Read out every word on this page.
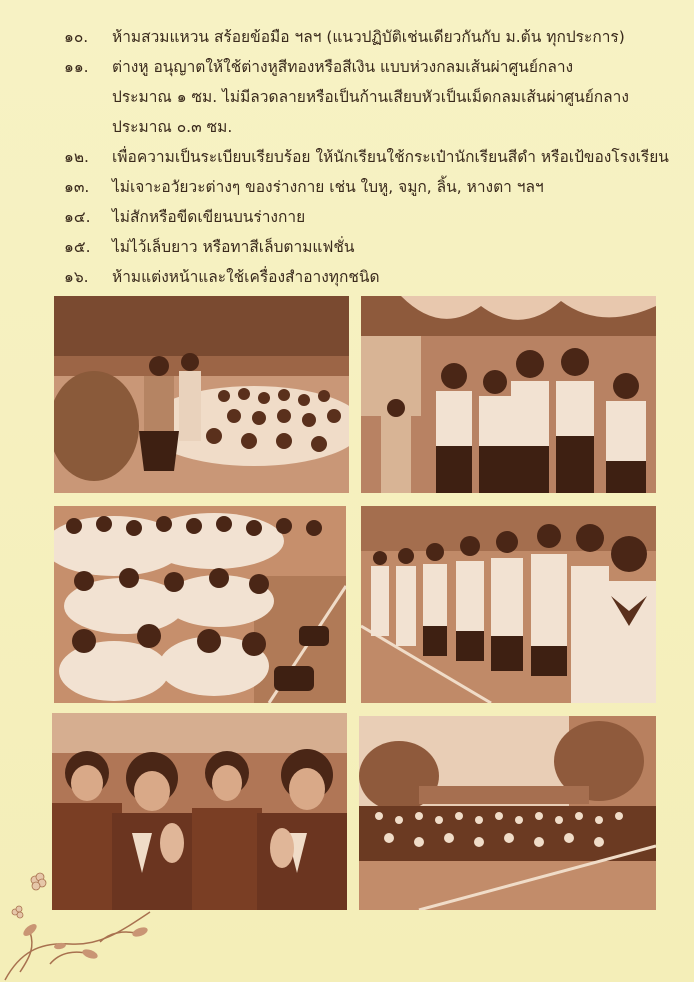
๑๐.	ห้ามสวมแหวน สร้อยข้อมือ ฯลฯ (แนวปฏิบัติเช่นเดียวกันกับ ม.ต้น ทุกประการ)
๑๑.	ต่างหู อนุญาตให้ใช้ต่างหูสีทองหรือสีเงิน แบบห่วงกลมเส้นผ่าศูนย์กลาง
ประมาณ ๑ ซม. ไม่มีลวดลายหรือเป็นก้านเสียบหัวเป็นเม็ดกลมเส้นผ่าศูนย์กลาง
ประมาณ ๐.๓ ซม.
๑๒.	เพื่อความเป็นระเบียบเรียบร้อย ให้นักเรียนใช้กระเป๋านักเรียนสีดำ หรือเป้ของโรงเรียน
๑๓.	ไม่เจาะอวัยวะต่างๆ ของร่างกาย เช่น ใบหู, จมูก, ลิ้น, หางตา ฯลฯ
๑๔.	ไม่สักหรือขีดเขียนบนร่างกาย
๑๕.	ไม่ไว้เล็บยาว หรือทาสีเล็บตามแฟชั่น
๑๖.	ห้ามแต่งหน้าและใช้เครื่องสำอางทุกชนิด
